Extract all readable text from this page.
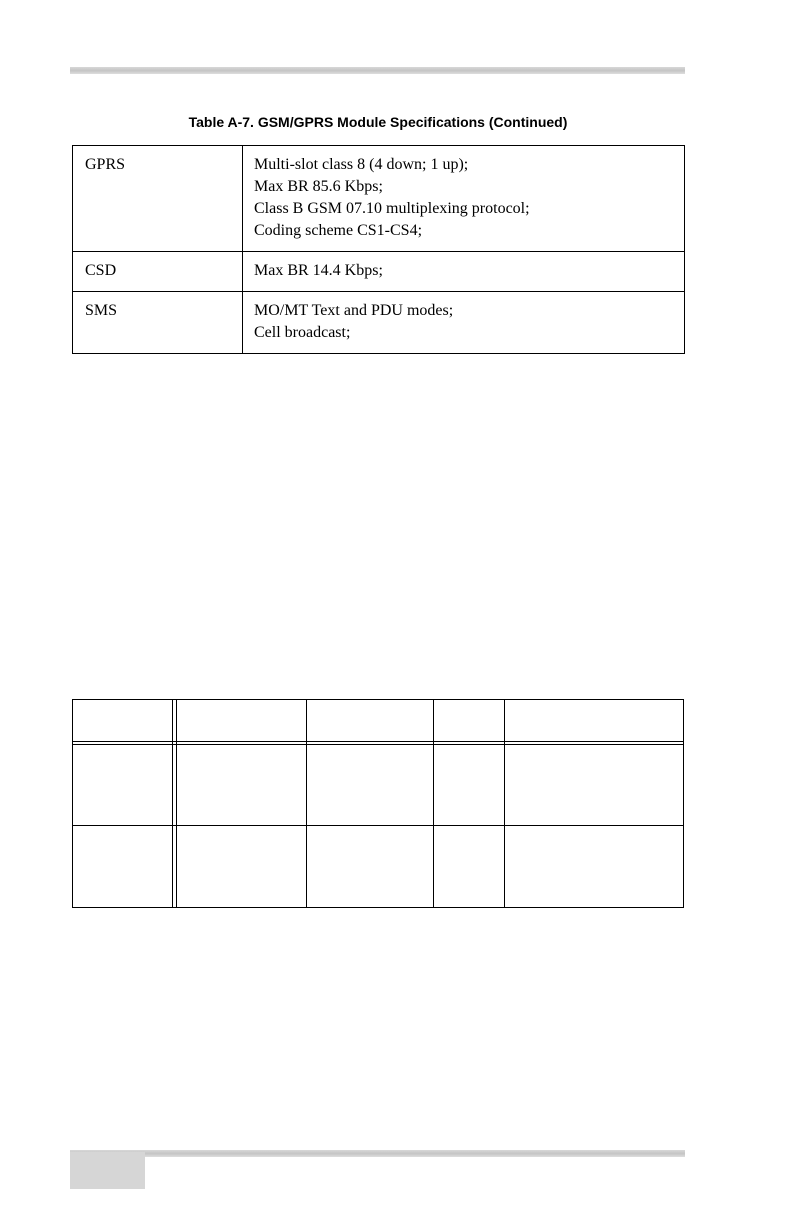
Table A-7. GSM/GPRS Module Specifications (Continued)
GPRS	Multi-slot class 8 (4 down; 1 up);
Max BR 85.6 Kbps;
Class B GSM 07.10 multiplexing protocol;
Coding scheme CS1-CS4;

CSD	Max BR 14.4 Kbps;

SMS	MO/MT Text and PDU modes;
Cell broadcast;
